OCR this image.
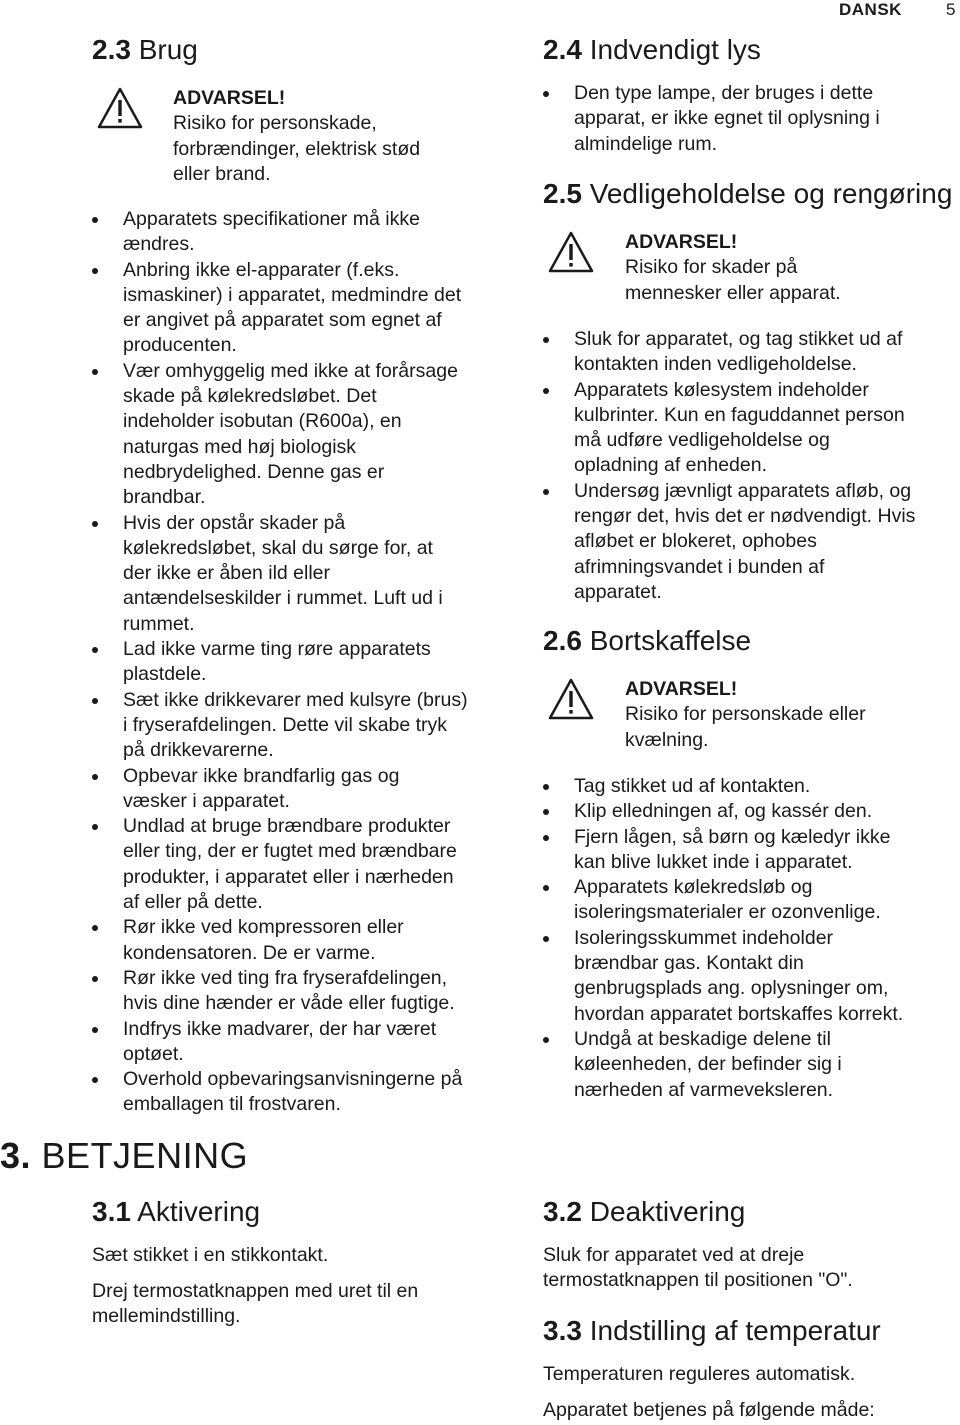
DANSK	5
2.3 Brug
ADVARSEL!
Risiko for personskade,
forbrændinger, elektrisk stød
eller brand.
Apparatets specifikationer må ikke
ændres.
Anbring ikke el-apparater (f.eks.
ismaskiner) i apparatet, medmindre det
er angivet på apparatet som egnet af
producenten.
Vær omhyggelig med ikke at forårsage
skade på kølekredsløbet. Det
indeholder isobutan (R600a), en
naturgas med høj biologisk
nedbrydelighed. Denne gas er
brandbar.
Hvis der opstår skader på
kølekredsløbet, skal du sørge for, at
der ikke er åben ild eller
antændelseskilder i rummet. Luft ud i
rummet.
Lad ikke varme ting røre apparatets
plastdele.
Sæt ikke drikkevarer med kulsyre (brus)
i fryserafdelingen. Dette vil skabe tryk
på drikkevarerne.
Opbevar ikke brandfarlig gas og
væsker i apparatet.
Undlad at bruge brændbare produkter
eller ting, der er fugtet med brændbare
produkter, i apparatet eller i nærheden
af eller på dette.
Rør ikke ved kompressoren eller
kondensatoren. De er varme.
Rør ikke ved ting fra fryserafdelingen,
hvis dine hænder er våde eller fugtige.
Indfrys ikke madvarer, der har været
optøet.
Overhold opbevaringsanvisningerne på
emballagen til frostvaren.
3. BETJENING
3.1 Aktivering

Sæt stikket i en stikkontakt.

Drej termostatknappen med uret til en
mellemindstilling.

2.4 Indvendigt lys
Den type lampe, der bruges i dette
apparat, er ikke egnet til oplysning i
almindelige rum.
2.5 Vedligeholdelse og rengøring
ADVARSEL!
Risiko for skader på
mennesker eller apparat.
Sluk for apparatet, og tag stikket ud af
kontakten inden vedligeholdelse.
Apparatets kølesystem indeholder
kulbrinter. Kun en faguddannet person
må udføre vedligeholdelse og
opladning af enheden.
Undersøg jævnligt apparatets afløb, og
rengør det, hvis det er nødvendigt. Hvis
afløbet er blokeret, ophobes
afrimningsvandet i bunden af
apparatet.
2.6 Bortskaffelse
ADVARSEL!
Risiko for personskade eller
kvælning.
Tag stikket ud af kontakten.
Klip elledningen af, og kassér den.
Fjern lågen, så børn og kæledyr ikke
kan blive lukket inde i apparatet.
Apparatets kølekredsløb og
isoleringsmaterialer er ozonvenlige.
Isoleringsskummet indeholder
brændbar gas. Kontakt din
genbrugsplads ang. oplysninger om,
hvordan apparatet bortskaffes korrekt.
Undgå at beskadige delene til
køleenheden, der befinder sig i
nærheden af varmeveksleren.
3.2 Deaktivering

Sluk for apparatet ved at dreje
termostatknappen til positionen "O".

3.3 Indstilling af temperatur

Temperaturen reguleres automatisk.

Apparatet betjenes på følgende måde:
